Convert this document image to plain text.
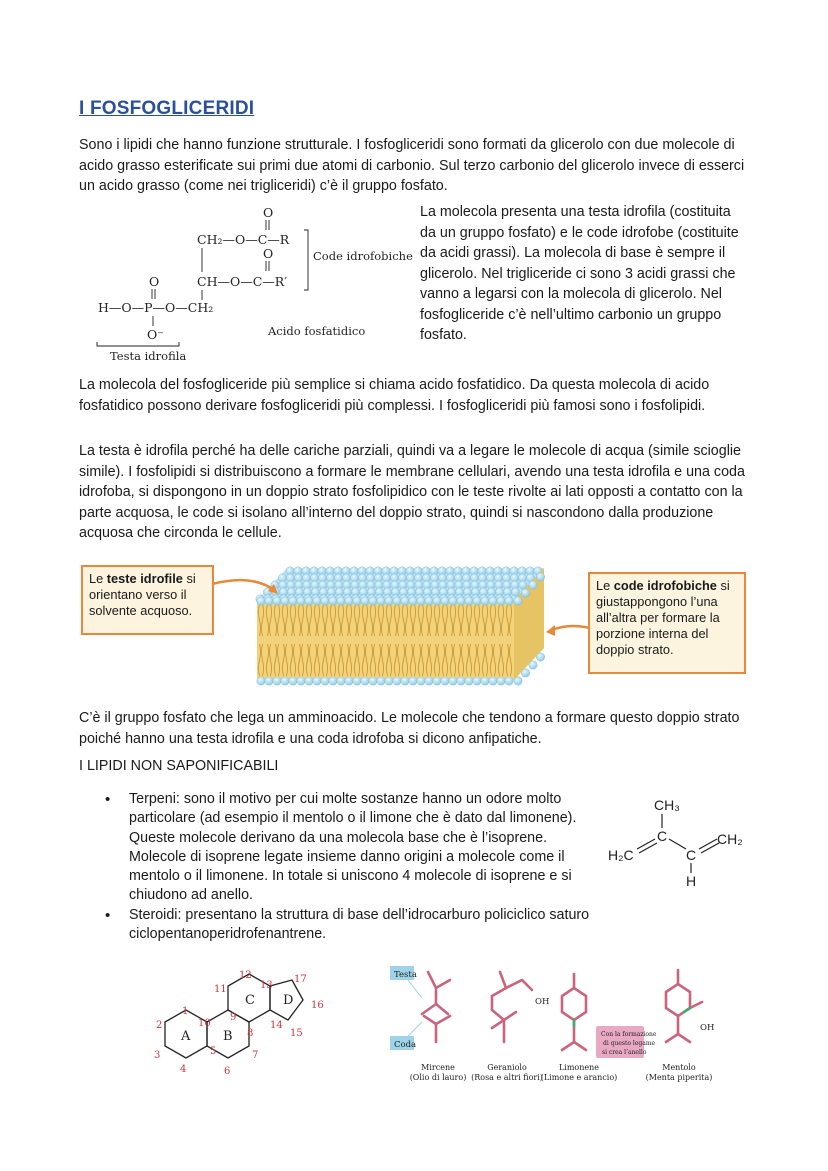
I FOSFOGLICERIDI

Sono i lipidi che hanno funzione strutturale. I fosfogliceridi sono formati da glicerolo con due molecole di acido grasso esterificate sui primi due atomi di carbonio. Sul terzo carbonio del glicerolo invece di esserci un acido grasso (come nei trigliceridi) c’è il gruppo fosfato.

O
CH₂—O—C—R
O
CH—O—C—R′
O
H—O—P—O—CH₂
O⁻
Code idrofobiche
Acido fosfatidico
Testa idrofila

La molecola presenta una testa idrofila (costituita da un gruppo fosfato) e le code idrofobe (costituite da acidi grassi). La molecola di base è sempre il glicerolo. Nel trigliceride ci sono 3 acidi grassi che vanno a legarsi con la molecola di glicerolo. Nel fosfogliceride c’è nell’ultimo carbonio un gruppo fosfato.

La molecola del fosfogliceride più semplice si chiama acido fosfatidico. Da questa molecola di acido fosfatidico possono derivare fosfogliceridi più complessi. I fosfogliceridi più famosi sono i fosfolipidi.

La testa è idrofila perché ha delle cariche parziali, quindi va a legare le molecole di acqua (simile scioglie simile). I fosfolipidi si distribuiscono a formare le membrane cellulari, avendo una testa idrofila e una coda idrofoba, si dispongono in un doppio strato fosfolipidico con le teste rivolte ai lati opposti a contatto con la parte acquosa, le code si isolano all’interno del doppio strato, quindi si nascondono dalla produzione acquosa che circonda le cellule.

Le teste idrofile si orientano verso il solvente acquoso.
Le code idrofobiche si giustappongono l’una all’altra per formare la porzione interna del doppio strato.

C’è il gruppo fosfato che lega un amminoacido. Le molecole che tendono a formare questo doppio strato poiché hanno una testa idrofila e una coda idrofoba si dicono anfipatiche.

I LIPIDI NON SAPONIFICABILI

• Terpeni: sono il motivo per cui molte sostanze hanno un odore molto particolare (ad esempio il mentolo o il limone che è dato dal limonene). Queste molecole derivano da una molecola base che è l’isoprene. Molecole di isoprene legate insieme danno origini a molecole come il mentolo o il limonene. In totale si uniscono 4 molecole di isoprene e si chiudono ad anello.
• Steroidi: presentano la struttura di base dell’idrocarburo policiclico saturo ciclopentanoperidrofenantrene.
CH₃
C
H₂C	C
CH₂
H
A	B
C D
1
2
3
4
5
6
7
8
9
10
11
12
13
14
15
16
17	Testa
Coda
OH
OH
Con la formazione
di questo legame
si crea l’anello
Mircene
(Olio di lauro)
Geraniolo
(Rosa e altri fiori)
Limonene
(Limone e arancio)
Mentolo
(Menta piperita)
